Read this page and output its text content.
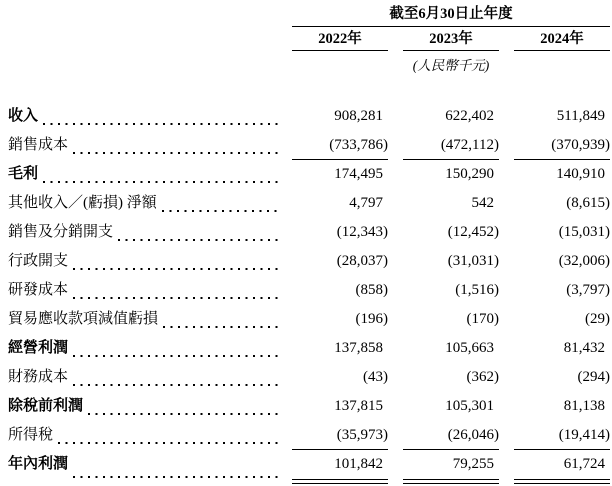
截至6月30日止年度
2022年	2023年	2024年
(人民幣千元)
收入	908,281	622,402	511,849
銷售成本	(733,786)	(472,112)	(370,939)
毛利	174,495	150,290	140,910
其他收入／(虧損) 淨額	4,797	542	(8,615)
銷售及分銷開支	(12,343)	(12,452)	(15,031)
行政開支	(28,037)	(31,031)	(32,006)
研發成本	(858)	(1,516)	(3,797)
貿易應收款項減值虧損	(196)	(170)	(29)
經營利潤	137,858	105,663	81,432
財務成本	(43)	(362)	(294)
除稅前利潤	137,815	105,301	81,138
所得稅	(35,973)	(26,046)	(19,414)
年內利潤	101,842	79,255	61,724
